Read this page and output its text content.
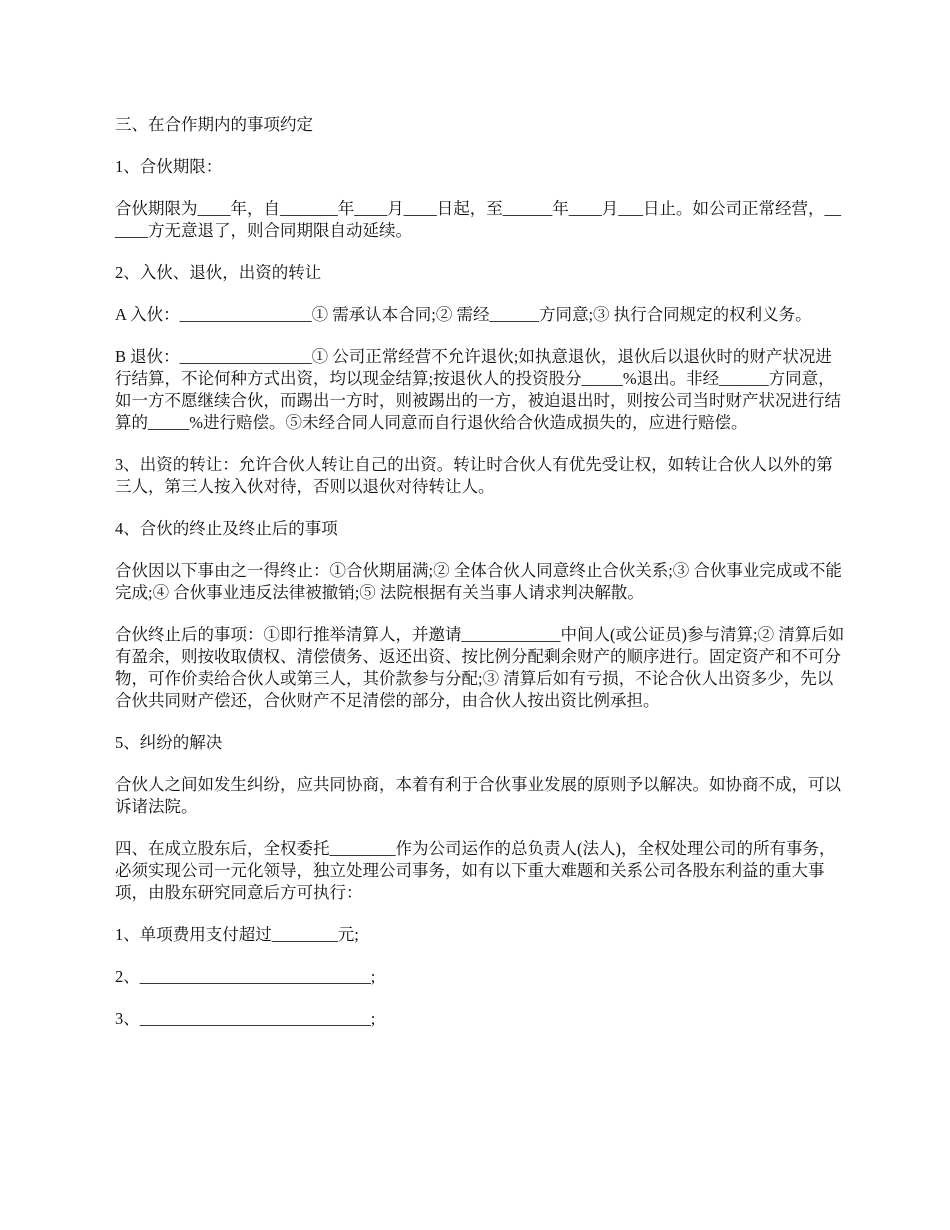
三、在合作期内的事项约定

1、合伙期限：

合伙期限为____年，自_______年____月____日起，至______年____月___日止。如公司正常经营，______方无意退了，则合同期限自动延续。

2、入伙、退伙，出资的转让

A 入伙：________________① 需承认本合同;② 需经______方同意;③ 执行合同规定的权利义务。

B 退伙：________________① 公司正常经营不允许退伙;如执意退伙，退伙后以退伙时的财产状况进行结算，不论何种方式出资，均以现金结算;按退伙人的投资股分_____%退出。非经______方同意，如一方不愿继续合伙，而踢出一方时，则被踢出的一方，被迫退出时，则按公司当时财产状况进行结算的_____%进行赔偿。⑤未经合同人同意而自行退伙给合伙造成损失的，应进行赔偿。

3、出资的转让：允许合伙人转让自己的出资。转让时合伙人有优先受让权，如转让合伙人以外的第三人，第三人按入伙对待，否则以退伙对待转让人。

4、合伙的终止及终止后的事项

合伙因以下事由之一得终止：①合伙期届满;② 全体合伙人同意终止合伙关系;③ 合伙事业完成或不能完成;④ 合伙事业违反法律被撤销;⑤ 法院根据有关当事人请求判决解散。

合伙终止后的事项：①即行推举清算人，并邀请____________中间人(或公证员)参与清算;② 清算后如有盈余，则按收取债权、清偿债务、返还出资、按比例分配剩余财产的顺序进行。固定资产和不可分物，可作价卖给合伙人或第三人，其价款参与分配;③ 清算后如有亏损，不论合伙人出资多少，先以合伙共同财产偿还，合伙财产不足清偿的部分，由合伙人按出资比例承担。

5、纠纷的解决

合伙人之间如发生纠纷，应共同协商，本着有利于合伙事业发展的原则予以解决。如协商不成，可以诉诸法院。

四、在成立股东后，全权委托________作为公司运作的总负责人(法人)，全权处理公司的所有事务，必须实现公司一元化领导，独立处理公司事务，如有以下重大难题和关系公司各股东利益的重大事项，由股东研究同意后方可执行：

1、单项费用支付超过________元;

2、____________________________;

3、____________________________;
